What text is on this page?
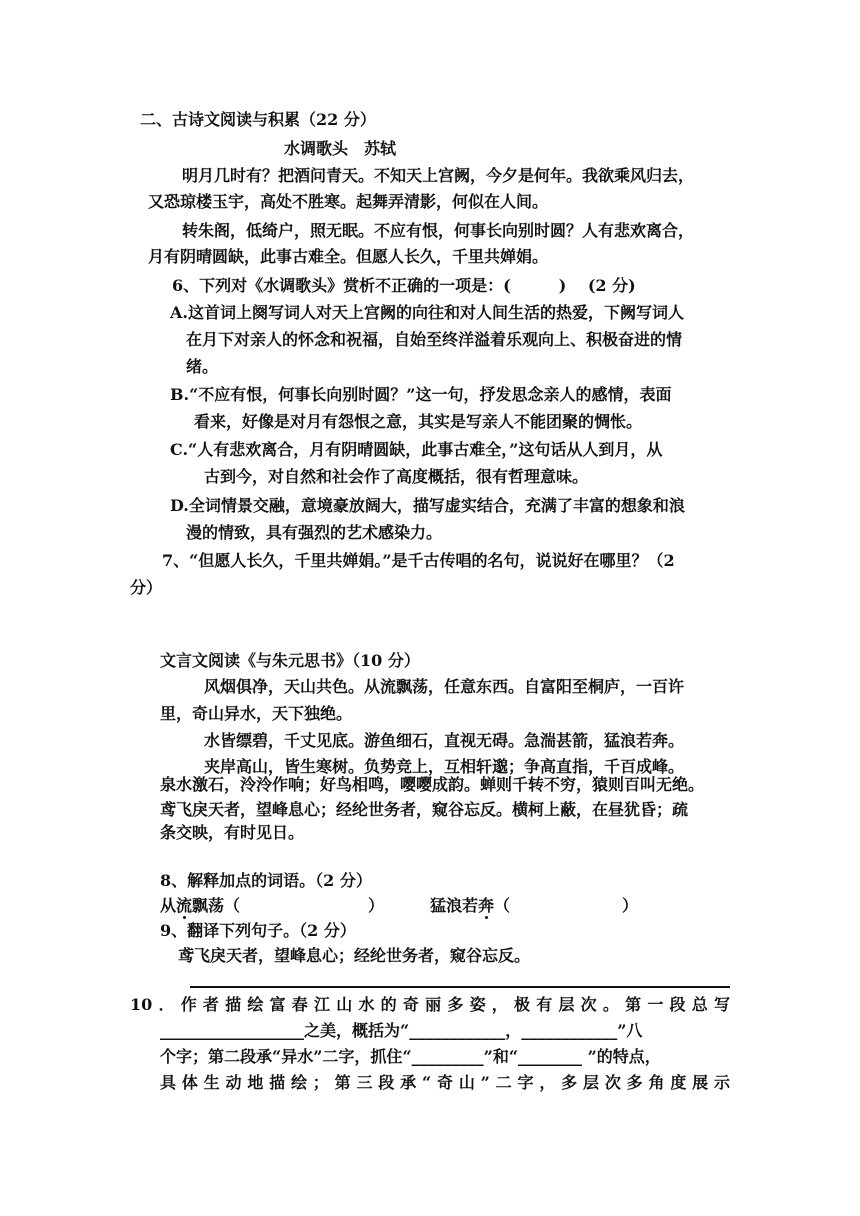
二、古诗文阅读与积累（22 分）
水调歌头　苏轼
明月几时有？把酒问青天。不知天上宫阙，今夕是何年。我欲乘风归去，
又恐琼楼玉宇，高处不胜寒。起舞弄清影，何似在人间。
转朱阁，低绮户，照无眠。不应有恨，何事长向别时圆？人有悲欢离合，
月有阴晴圆缺，此事古难全。但愿人长久，千里共婵娟。
6、下列对《水调歌头》赏析不正确的一项是：(　　　)　 (2 分)
A.这首词上阕写词人对天上宫阙的向往和对人间生活的热爱，下阙写词人
在月下对亲人的怀念和祝福，自始至终洋溢着乐观向上、积极奋进的情
绪。
B.“不应有恨，何事长向别时圆？”这一句，抒发思念亲人的感情，表面
看来，好像是对月有怨恨之意，其实是写亲人不能团聚的惆怅。
C.“人有悲欢离合，月有阴晴圆缺，此事古难全，”这句话从人到月，从
古到今，对自然和社会作了高度概括，很有哲理意味。
D.全词情景交融，意境豪放阔大，描写虚实结合，充满了丰富的想象和浪
漫的情致，具有强烈的艺术感染力。
7、“但愿人长久，千里共婵娟。”是千古传唱的名句，说说好在哪里？（2
分）
文言文阅读《与朱元思书》（10 分）
风烟俱净，天山共色。从流飘荡，任意东西。自富阳至桐庐，一百许
里，奇山异水，天下独绝。
水皆缥碧，千丈见底。游鱼细石，直视无碍。急湍甚箭，猛浪若奔。
夹岸高山，皆生寒树。负势竞上，互相轩邈；争高直指，千百成峰。
泉水激石，泠泠作响；好鸟相鸣，嘤嘤成韵。蝉则千转不穷，猿则百叫无绝。
鸢飞戾天者，望峰息心；经纶世务者，窥谷忘反。横柯上蔽，在昼犹昏；疏
条交映，有时见日。
8、解释加点的词语。（2 分）
从流飘荡（　　　　　　　　）	猛浪若奔（　　　　　　　）
9、翻译下列句子。（2 分）
鸢飞戾天者，望峰息心；经纶世务者，窥谷忘反。
10．作者描绘富春江山水的奇丽多姿，极有层次。第一段总写
__________________之美，概括为“____________，____________”八
个字；第二段承“异水”二字，抓住“_________”和“________ ”的特点，
具体生动地描绘；第三段承“奇山”二字，多层次多角度展示
